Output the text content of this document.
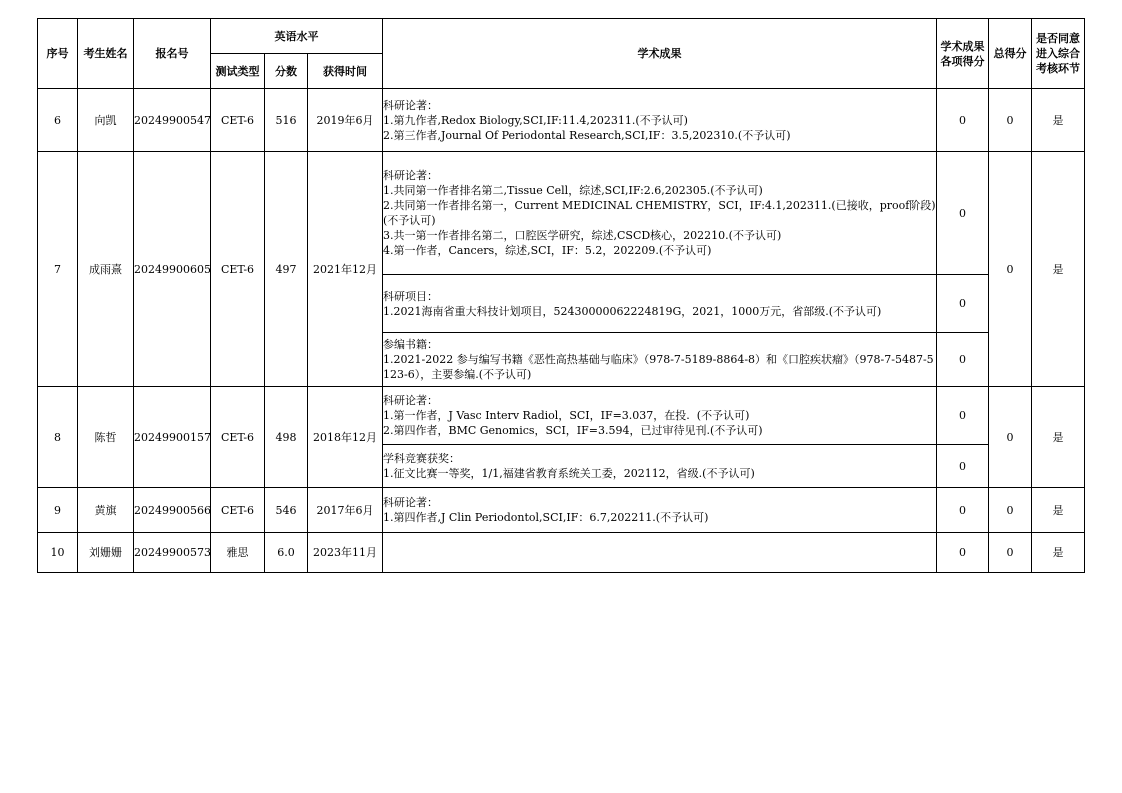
序号	考生姓名	报名号	英语水平			学术成果	学术成果各项得分	总得分	是否同意进入综合考核环节
			测试类型	分数	获得时间				
6	向凯	20249900547	CET-6	516	2019年6月	科研论著：
1.第九作者,Redox Biology,SCI,IF:11.4,202311.(不予认可)
2.第三作者,Journal Of Periodontal Research,SCI,IF：3.5,202310.(不予认可)	0	0	是
7	成雨熹	20249900605	CET-6	497	2021年12月	科研论著：
1.共同第一作者排名第二,Tissue Cell，综述,SCI,IF:2.6,202305.(不予认可)
2.共同第一作者排名第一，Current MEDICINAL CHEMISTRY，SCI，IF:4.1,202311.(已接收，proof阶段)(不予认可)
3.共一第一作者排名第二，口腔医学研究，综述,CSCD核心，202210.(不予认可)
4.第一作者，Cancers，综述,SCI，IF：5.2，202209.(不予认可)	0	0	是
						科研项目：
1.2021海南省重大科技计划项目，52430000062224819G，2021，1000万元，省部级.(不予认可)	0		
						参编书籍：
1.2021-2022 参与编写书籍《恶性高热基础与临床》（978-7-5189-8864-8）和《口腔疾状瘤》（978-7-5487-5123-6），主要参编.(不予认可)	0		
8	陈哲	20249900157	CET-6	498	2018年12月	科研论著：
1.第一作者，J Vasc Interv Radiol，SCI，IF=3.037，在投.  (不予认可)
2.第四作者，BMC Genomics，SCI，IF=3.594，已过审待见刊.(不予认可)	0	0	是
						学科竞赛获奖：
1.征文比赛一等奖，1/1,福建省教育系统关工委，202112，省级.(不予认可)	0		
9	黄旗	20249900566	CET-6	546	2017年6月	科研论著：
1.第四作者,J Clin Periodontol,SCI,IF：6.7,202211.(不予认可)	0	0	是
10	刘姗姗	20249900573	雅思	6.0	2023年11月		0	0	是
